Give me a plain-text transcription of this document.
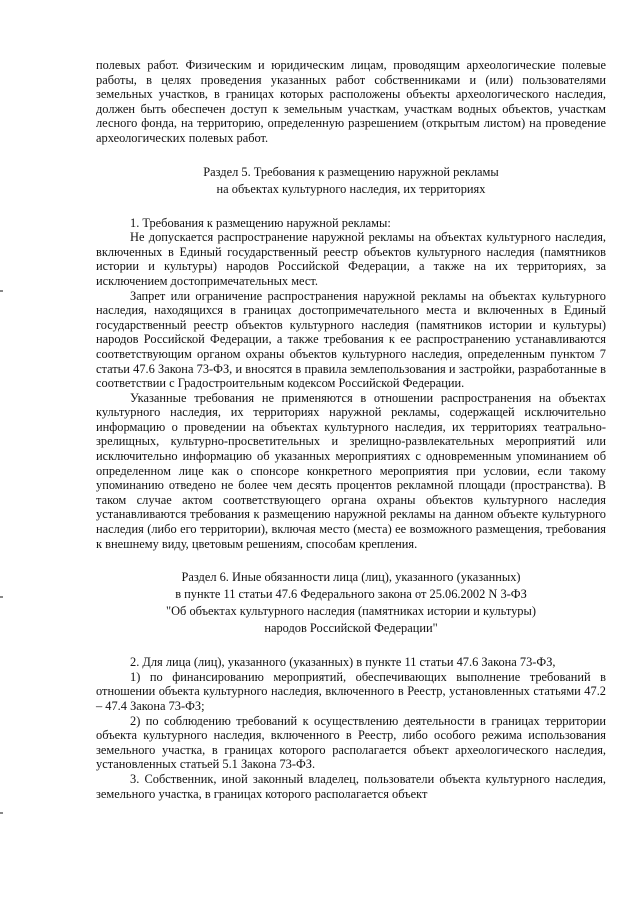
полевых работ. Физическим и юридическим лицам, проводящим археологические полевые работы, в целях проведения указанных работ собственниками и (или) пользователями земельных участков, в границах которых расположены объекты археологического наследия, должен быть обеспечен доступ к земельным участкам, участкам водных объектов, участкам лесного фонда, на территорию, определенную разрешением (открытым листом) на проведение археологических полевых работ.

Раздел 5. Требования к размещению наружной рекламы

на объектах культурного наследия, их территориях

1. Требования к размещению наружной рекламы:

Не допускается распространение наружной рекламы на объектах культурного наследия, включенных в Единый государственный реестр объектов культурного наследия (памятников истории и культуры) народов Российской Федерации, а также на их территориях, за исключением достопримечательных мест.

Запрет или ограничение распространения наружной рекламы на объектах культурного наследия, находящихся в границах достопримечательного места и включенных в Единый государственный реестр объектов культурного наследия (памятников истории и культуры) народов Российской Федерации, а также требования к ее распространению устанавливаются соответствующим органом охраны объектов культурного наследия, определенным пунктом 7 статьи 47.6 Закона 73-ФЗ, и вносятся в правила землепользования и застройки, разработанные в соответствии с Градостроительным кодексом Российской Федерации.

Указанные требования не применяются в отношении распространения на объектах культурного наследия, их территориях наружной рекламы, содержащей исключительно информацию о проведении на объектах культурного наследия, их территориях театрально-зрелищных, культурно-просветительных и зрелищно-развлекательных мероприятий или исключительно информацию об указанных мероприятиях с одновременным упоминанием об определенном лице как о спонсоре конкретного мероприятия при условии, если такому упоминанию отведено не более чем десять процентов рекламной площади (пространства). В таком случае актом соответствующего органа охраны объектов культурного наследия устанавливаются требования к размещению наружной рекламы на данном объекте культурного наследия (либо его территории), включая место (места) ее возможного размещения, требования к внешнему виду, цветовым решениям, способам крепления.

Раздел 6. Иные обязанности лица (лиц), указанного (указанных)

в пункте 11 статьи 47.6 Федерального закона от 25.06.2002 N 3-ФЗ

"Об объектах культурного наследия (памятниках истории и культуры)

народов Российской Федерации"

2. Для лица (лиц), указанного (указанных) в пункте 11 статьи 47.6 Закона 73-ФЗ,

1) по финансированию мероприятий, обеспечивающих выполнение требований в отношении объекта культурного наследия, включенного в Реестр, установленных статьями 47.2 – 47.4 Закона 73-ФЗ;

2) по соблюдению требований к осуществлению деятельности в границах территории объекта культурного наследия, включенного в Реестр, либо особого режима использования земельного участка, в границах которого располагается объект археологического наследия, установленных статьей 5.1 Закона 73-ФЗ.

3. Собственник, иной законный владелец, пользователи объекта культурного наследия, земельного участка, в границах которого располагается объект
